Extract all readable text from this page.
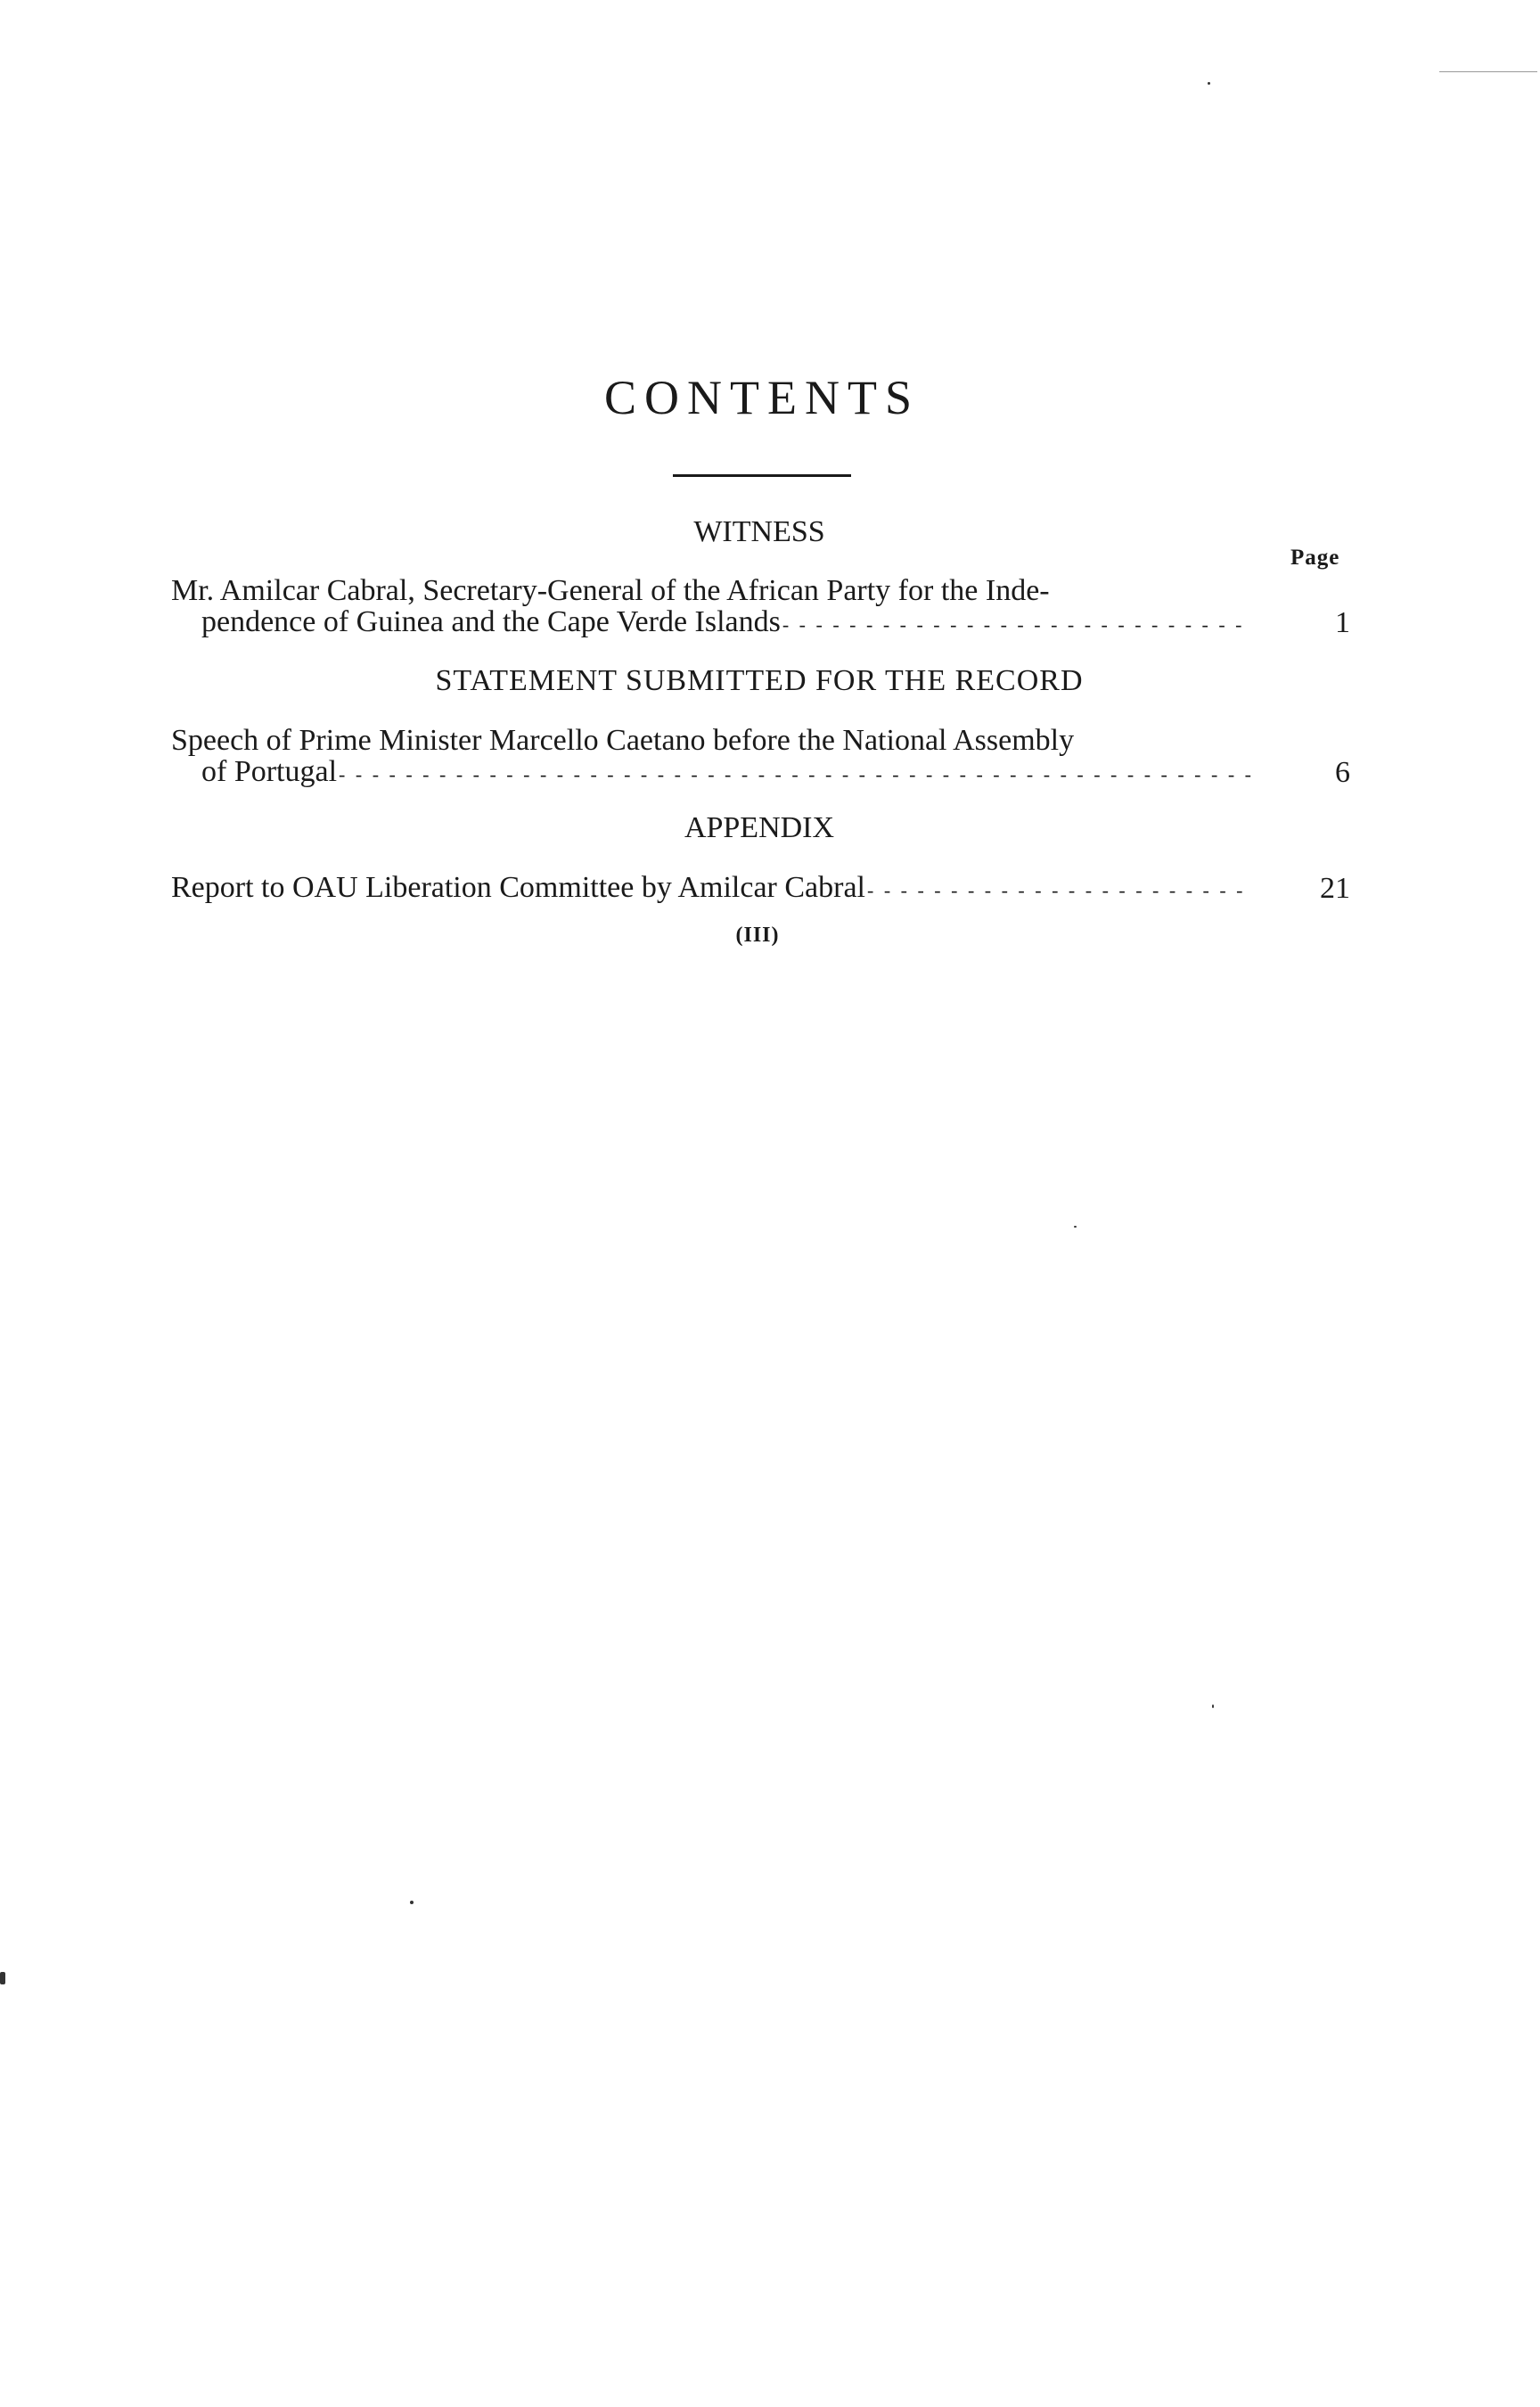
CONTENTS
WITNESS
Page
Mr. Amilcar Cabral, Secretary-General of the African Party for the Inde-
pendence of Guinea and the Cape Verde Islands - - -	1
STATEMENT SUBMITTED FOR THE RECORD
Speech of Prime Minister Marcello Caetano before the National Assembly
of Portugal - - -	6
APPENDIX
Report to OAU Liberation Committee by Amilcar Cabral - - -	21
(III)
